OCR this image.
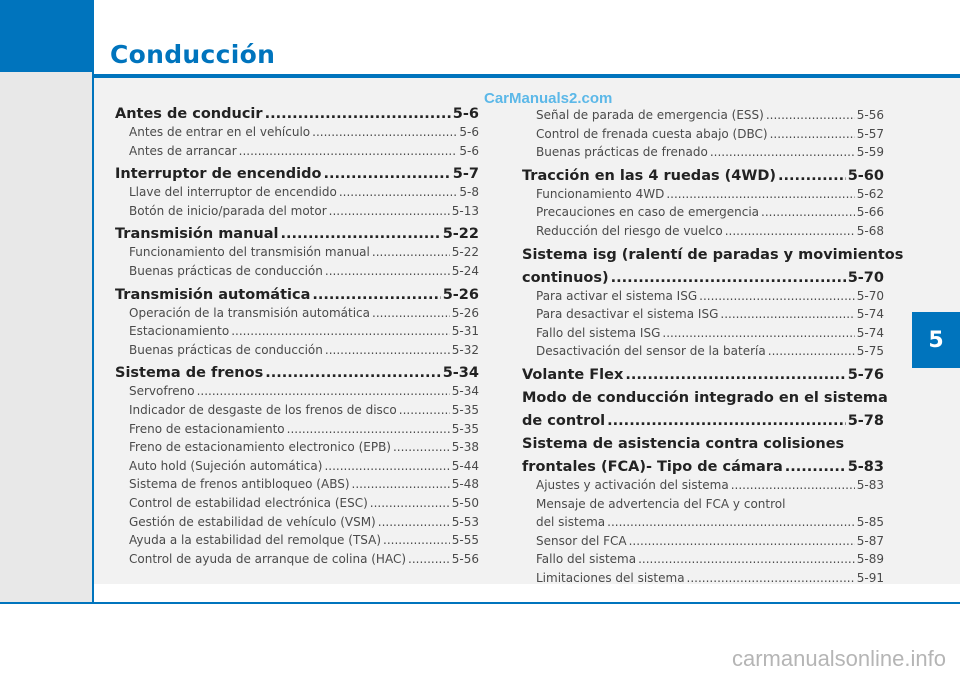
Conducción
5
CarManuals2.com
carmanualsonline.info
Antes de conducir .....	5-6
Antes de entrar en el vehículo .....	5-6
Antes de arrancar .....	5-6
Interruptor de encendido .....	5-7
Llave del interruptor de encendido .....	5-8
Botón de inicio/parada del motor .....	5-13
Transmisión manual .....	5-22
Funcionamiento del transmisión manual .....	5-22
Buenas prácticas de conducción .....	5-24
Transmisión automática .....	5-26
Operación de la transmisión automática .....	5-26
Estacionamiento .....	5-31
Buenas prácticas de conducción .....	5-32
Sistema de frenos .....	5-34
Servofreno .....	5-34
Indicador de desgaste de los frenos de disco .....	5-35
Freno de estacionamiento .....	5-35
Freno de estacionamiento electronico (EPB) .....	5-38
Auto hold (Sujeción automática) .....	5-44
Sistema de frenos antibloqueo (ABS) .....	5-48
Control de estabilidad electrónica (ESC) .....	5-50
Gestión de estabilidad de vehículo (VSM) .....	5-53
Ayuda a la estabilidad del remolque (TSA) .....	5-55
Control de ayuda de arranque de colina (HAC) .....	5-56
Señal de parada de emergencia (ESS) .....	5-56
Control de frenada cuesta abajo (DBC) .....	5-57
Buenas prácticas de frenado .....	5-59
Tracción en las 4 ruedas (4WD) .....	5-60
Funcionamiento 4WD .....	5-62
Precauciones en caso de emergencia .....	5-66
Reducción del riesgo de vuelco .....	5-68
Sistema isg (ralentí de paradas y movimientos
continuos) .....	5-70
Para activar el sistema ISG .....	5-70
Para desactivar el sistema ISG .....	5-74
Fallo del sistema ISG .....	5-74
Desactivación del sensor de la batería .....	5-75
Volante Flex .....	5-76
Modo de conducción integrado en el sistema
de control .....	5-78
Sistema de asistencia contra colisiones
frontales (FCA)- Tipo de cámara .....	5-83
Ajustes y activación del sistema .....	5-83
Mensaje de advertencia del FCA y control
del sistema .....	5-85
Sensor del FCA .....	5-87
Fallo del sistema .....	5-89
Limitaciones del sistema .....	5-91
